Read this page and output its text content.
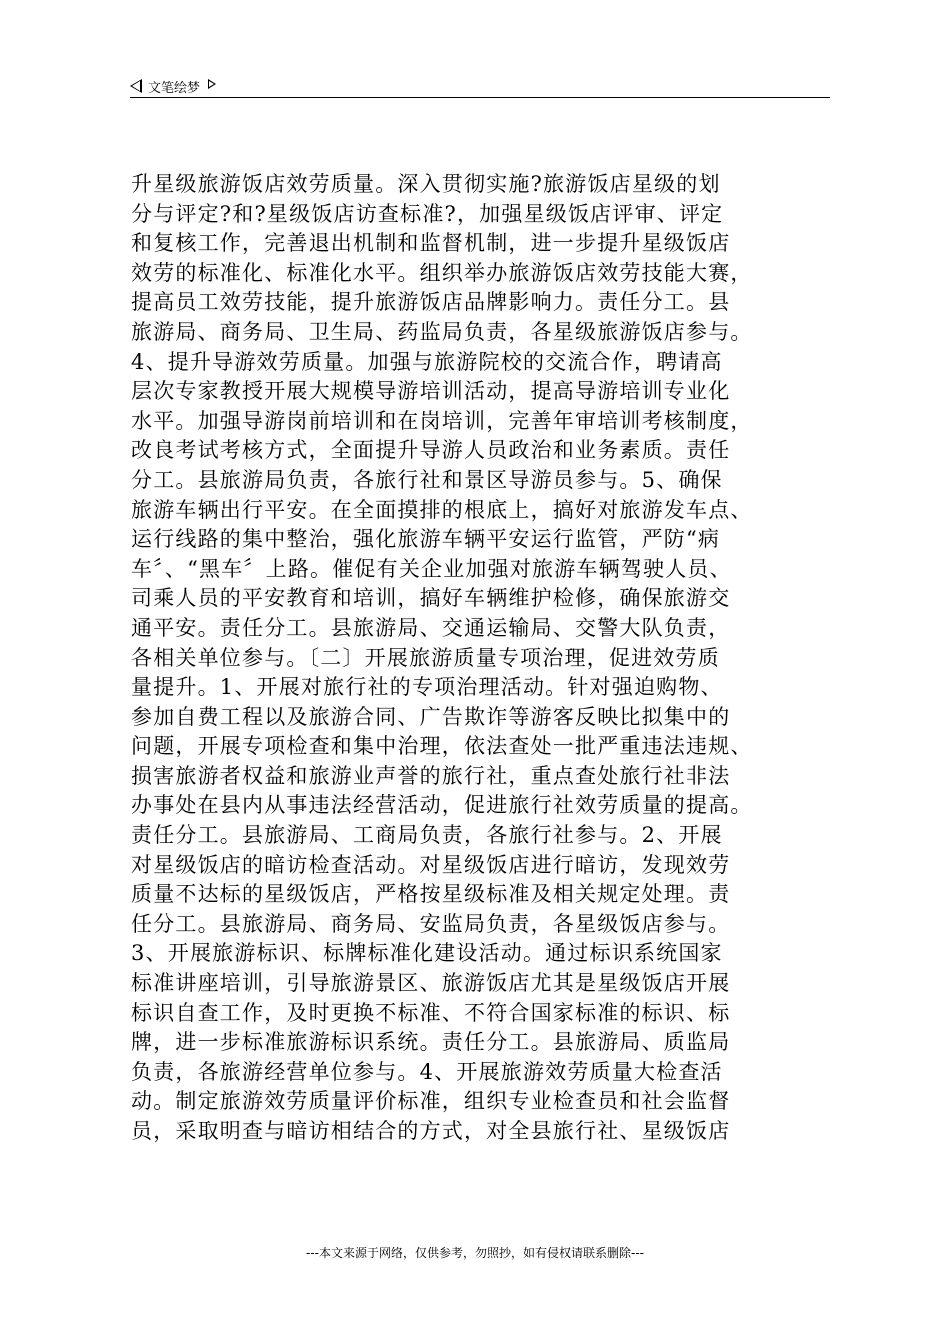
文笔绘梦
升星级旅游饭店效劳质量。深入贯彻实施?旅游饭店星级的划
分与评定?和?星级饭店访查标准?，加强星级饭店评审、评定
和复核工作，完善退出机制和监督机制，进一步提升星级饭店
效劳的标准化、标准化水平。组织举办旅游饭店效劳技能大赛，
提高员工效劳技能，提升旅游饭店品牌影响力。责任分工。县
旅游局、商务局、卫生局、药监局负责，各星级旅游饭店参与。
4、提升导游效劳质量。加强与旅游院校的交流合作，聘请高
层次专家教授开展大规模导游培训活动，提高导游培训专业化
水平。加强导游岗前培训和在岗培训，完善年审培训考核制度，
改良考试考核方式，全面提升导游人员政治和业务素质。责任
分工。县旅游局负责，各旅行社和景区导游员参与。5、确保
旅游车辆出行平安。在全面摸排的根底上，搞好对旅游发车点、
运行线路的集中整治，强化旅游车辆平安运行监管，严防“病
车〞、“黑车〞上路。催促有关企业加强对旅游车辆驾驶人员、
司乘人员的平安教育和培训，搞好车辆维护检修，确保旅游交
通平安。责任分工。县旅游局、交通运输局、交警大队负责，
各相关单位参与。〔二〕开展旅游质量专项治理，促进效劳质
量提升。1、开展对旅行社的专项治理活动。针对强迫购物、
参加自费工程以及旅游合同、广告欺诈等游客反映比拟集中的
问题，开展专项检查和集中治理，依法查处一批严重违法违规、
损害旅游者权益和旅游业声誉的旅行社，重点查处旅行社非法
办事处在县内从事违法经营活动，促进旅行社效劳质量的提高。
责任分工。县旅游局、工商局负责，各旅行社参与。2、开展
对星级饭店的暗访检查活动。对星级饭店进行暗访，发现效劳
质量不达标的星级饭店，严格按星级标准及相关规定处理。责
任分工。县旅游局、商务局、安监局负责，各星级饭店参与。
3、开展旅游标识、标牌标准化建设活动。通过标识系统国家
标准讲座培训，引导旅游景区、旅游饭店尤其是星级饭店开展
标识自查工作，及时更换不标准、不符合国家标准的标识、标
牌，进一步标准旅游标识系统。责任分工。县旅游局、质监局
负责，各旅游经营单位参与。4、开展旅游效劳质量大检查活
动。制定旅游效劳质量评价标准，组织专业检查员和社会监督
员，采取明查与暗访相结合的方式，对全县旅行社、星级饭店
---本文来源于网络，仅供参考，勿照抄，如有侵权请联系删除---
